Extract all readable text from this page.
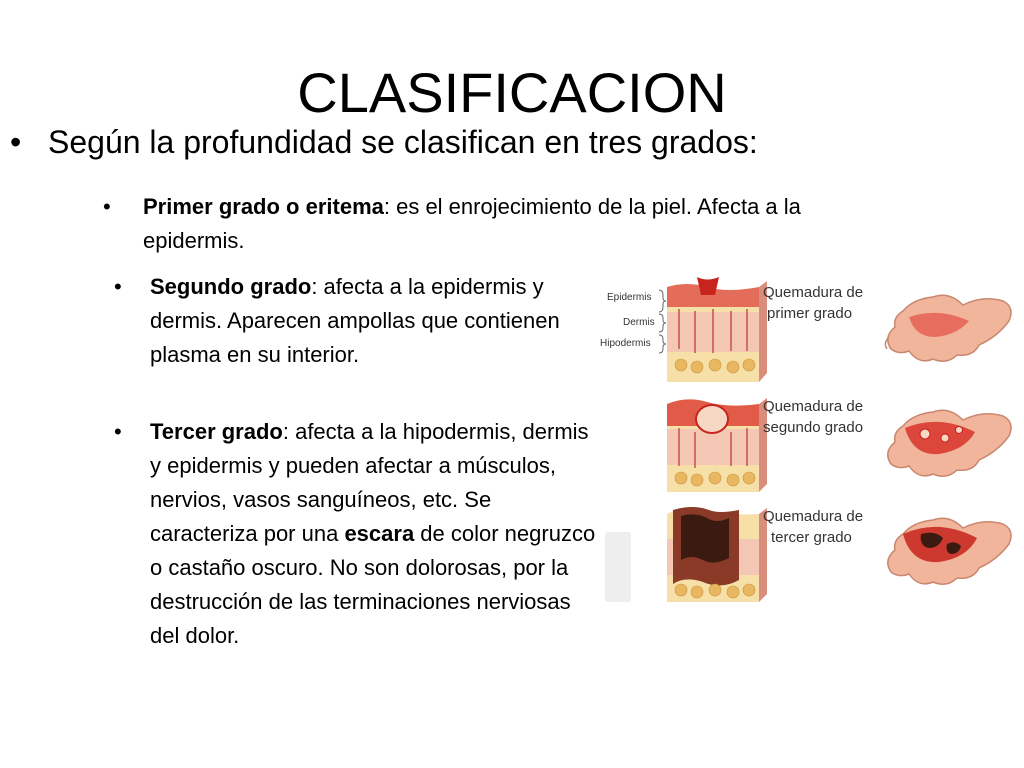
CLASIFICACION
• Según la profundidad se clasifican en tres grados:
• Primer grado o eritema: es el enrojecimiento de la piel. Afecta a la epidermis.
• Segundo grado: afecta a la epidermis y dermis. Aparecen ampollas que contienen plasma en su interior.
• Tercer grado: afecta a la hipodermis, dermis y epidermis y pueden afectar a músculos, nervios, vasos sanguíneos, etc. Se caracteriza por una escara de color negruzco o castaño oscuro. No son dolorosas, por la destrucción de las terminaciones nerviosas del dolor.
Epidermis
Dermis
Hipodermis
Quemadura de
primer grado
Quemadura de
segundo grado
Quemadura de
tercer grado
